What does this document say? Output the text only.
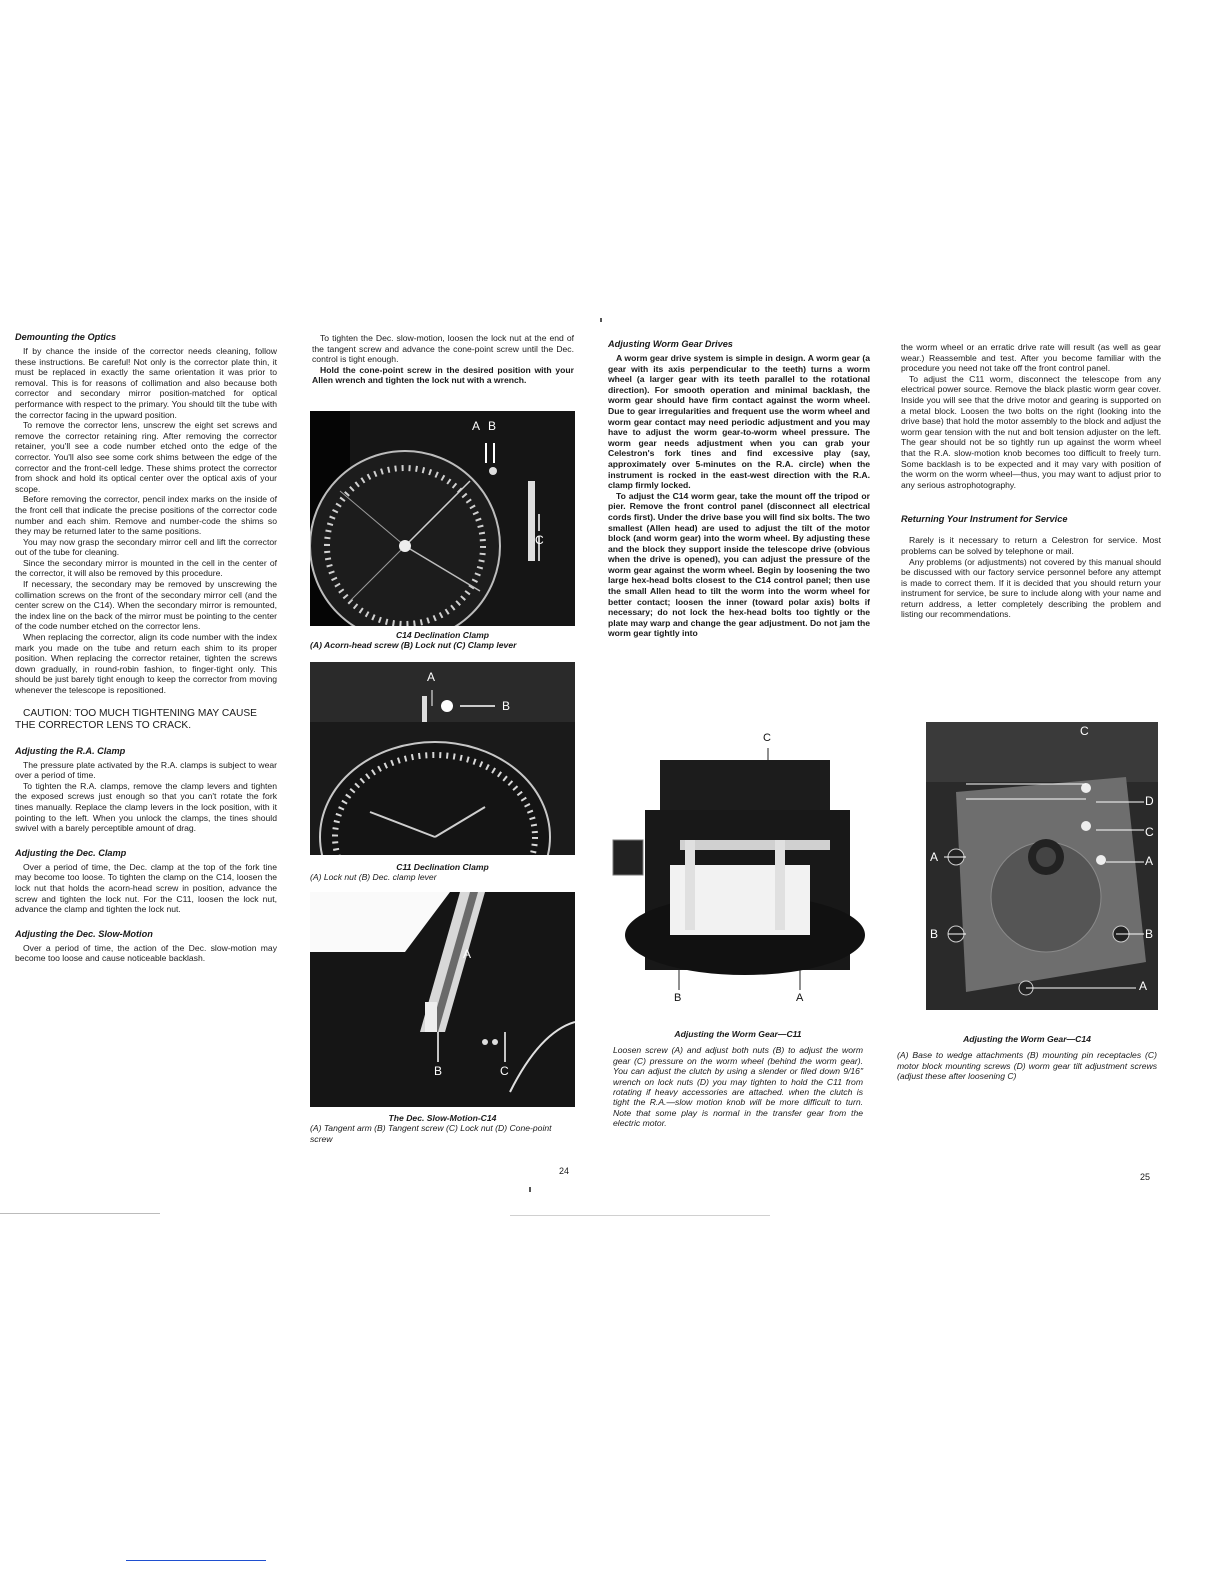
Demounting the Optics

If by chance the inside of the corrector needs cleaning, follow these instructions. Be careful! Not only is the corrector plate thin, it must be replaced in exactly the same orientation it was prior to removal. This is for reasons of collimation and also because both corrector and secondary mirror position-matched for optical performance with respect to the primary. You should tilt the tube with the corrector facing in the upward position.

To remove the corrector lens, unscrew the eight set screws and remove the corrector retaining ring. After removing the corrector retainer, you'll see a code number etched onto the edge of the corrector. You'll also see some cork shims between the edge of the corrector and the front-cell ledge. These shims protect the corrector from shock and hold its optical center over the optical axis of your scope.

Before removing the corrector, pencil index marks on the inside of the front cell that indicate the precise positions of the corrector code number and each shim. Remove and number-code the shims so they may be returned later to the same positions.

You may now grasp the secondary mirror cell and lift the corrector out of the tube for cleaning.

Since the secondary mirror is mounted in the cell in the center of the corrector, it will also be removed by this procedure.

If necessary, the secondary may be removed by unscrewing the collimation screws on the front of the secondary mirror cell (and the center screw on the C14). When the secondary mirror is remounted, the index line on the back of the mirror must be pointing to the center of the code number etched on the corrector lens.

When replacing the corrector, align its code number with the index mark you made on the tube and return each shim to its proper position. When replacing the corrector retainer, tighten the screws down gradually, in round-robin fashion, to finger-tight only. This should be just barely tight enough to keep the corrector from moving whenever the telescope is repositioned.

CAUTION: TOO MUCH TIGHTENING MAY CAUSE
THE CORRECTOR LENS TO CRACK.

Adjusting the R.A. Clamp

The pressure plate activated by the R.A. clamps is subject to wear over a period of time.

To tighten the R.A. clamps, remove the clamp levers and tighten the exposed screws just enough so that you can't rotate the fork tines manually. Replace the clamp levers in the lock position, with it pointing to the left. When you unlock the clamps, the tines should swivel with a barely perceptible amount of drag.

Adjusting the Dec. Clamp

Over a period of time, the Dec. clamp at the top of the fork tine may become too loose. To tighten the clamp on the C14, loosen the lock nut that holds the acorn-head screw in position, advance the screw and tighten the lock nut. For the C11, loosen the lock nut, advance the clamp and tighten the lock nut.

Adjusting the Dec. Slow-Motion

Over a period of time, the action of the Dec. slow-motion may become too loose and cause noticeable backlash.

To tighten the Dec. slow-motion, loosen the lock nut at the end of the tangent screw and advance the cone-point screw until the Dec. control is tight enough.

Hold the cone-point screw in the desired position with your Allen wrench and tighten the lock nut with a wrench.

A B
C
C14 Declination Clamp
(A) Acorn-head screw (B) Lock nut (C) Clamp lever
A
B
C11 Declination Clamp
(A) Lock nut (B) Dec. clamp lever
A
B	C
The Dec. Slow-Motion-C14
(A) Tangent arm (B) Tangent screw (C) Lock nut (D) Cone-point screw
24
Adjusting Worm Gear Drives

A worm gear drive system is simple in design. A worm gear (a gear with its axis perpendicular to the teeth) turns a worm wheel (a larger gear with its teeth parallel to the rotational direction). For smooth operation and minimal backlash, the worm gear should have firm contact against the worm wheel. Due to gear irregularities and frequent use the worm wheel and worm gear contact may need periodic adjustment and you may have to adjust the worm gear-to-worm wheel pressure. The worm gear needs adjustment when you can grab your Celestron's fork tines and find excessive play (say, approximately over 5-minutes on the R.A. circle) when the instrument is rocked in the east-west direction with the R.A. clamp firmly locked.

To adjust the C14 worm gear, take the mount off the tripod or pier. Remove the front control panel (disconnect all electrical cords first). Under the drive base you will find six bolts. The two smallest (Allen head) are used to adjust the tilt of the motor block (and worm gear) into the worm wheel. By adjusting these and the block they support inside the telescope drive (obvious when the drive is opened), you can adjust the pressure of the worm gear against the worm wheel. Begin by loosening the two large hex-head bolts closest to the C14 control panel; then use the small Allen head to tilt the worm into the worm wheel for better contact; loosen the inner (toward polar axis) bolts if necessary; do not lock the hex-head bolts too tightly or the plate may warp and change the gear adjustment. Do not jam the worm gear tightly into

C
B	A
Adjusting the Worm Gear—C11
Loosen screw (A) and adjust both nuts (B) to adjust the worm gear (C) pressure on the worm wheel (behind the worm gear). You can adjust the clutch by using a slender or filed down 9/16" wrench on lock nuts (D) you may tighten to hold the C11 from rotating if heavy accessories are attached. when the clutch is tight the R.A.—slow motion knob will be more difficult to turn. Note that some play is normal in the transfer gear from the electric motor.

the worm wheel or an erratic drive rate will result (as well as gear wear.) Reassemble and test. After you become familiar with the procedure you need not take off the front control panel.

To adjust the C11 worm, disconnect the telescope from any electrical power source. Remove the black plastic worm gear cover. Inside you will see that the drive motor and gearing is supported on a metal block. Loosen the two bolts on the right (looking into the drive base) that hold the motor assembly to the block and adjust the worm gear tension with the nut and bolt tension adjuster on the left. The gear should not be so tightly run up against the worm wheel that the R.A. slow-motion knob becomes too difficult to freely turn. Some backlash is to be expected and it may vary with position of the worm on the worm wheel—thus, you may want to adjust prior to any serious astrophotography.

Returning Your Instrument for Service

Rarely is it necessary to return a Celestron for service. Most problems can be solved by telephone or mail.

Any problems (or adjustments) not covered by this manual should be discussed with our factory service personnel before any attempt is made to correct them. If it is decided that you should return your instrument for service, be sure to include along with your name and return address, a letter completely describing the problem and listing our recommendations.

C
D
C
A
A
B	B
A
Adjusting the Worm Gear—C14
(A) Base to wedge attachments (B) mounting pin receptacles (C) motor block mounting screws (D) worm gear tilt adjustment screws (adjust these after loosening C)
25
